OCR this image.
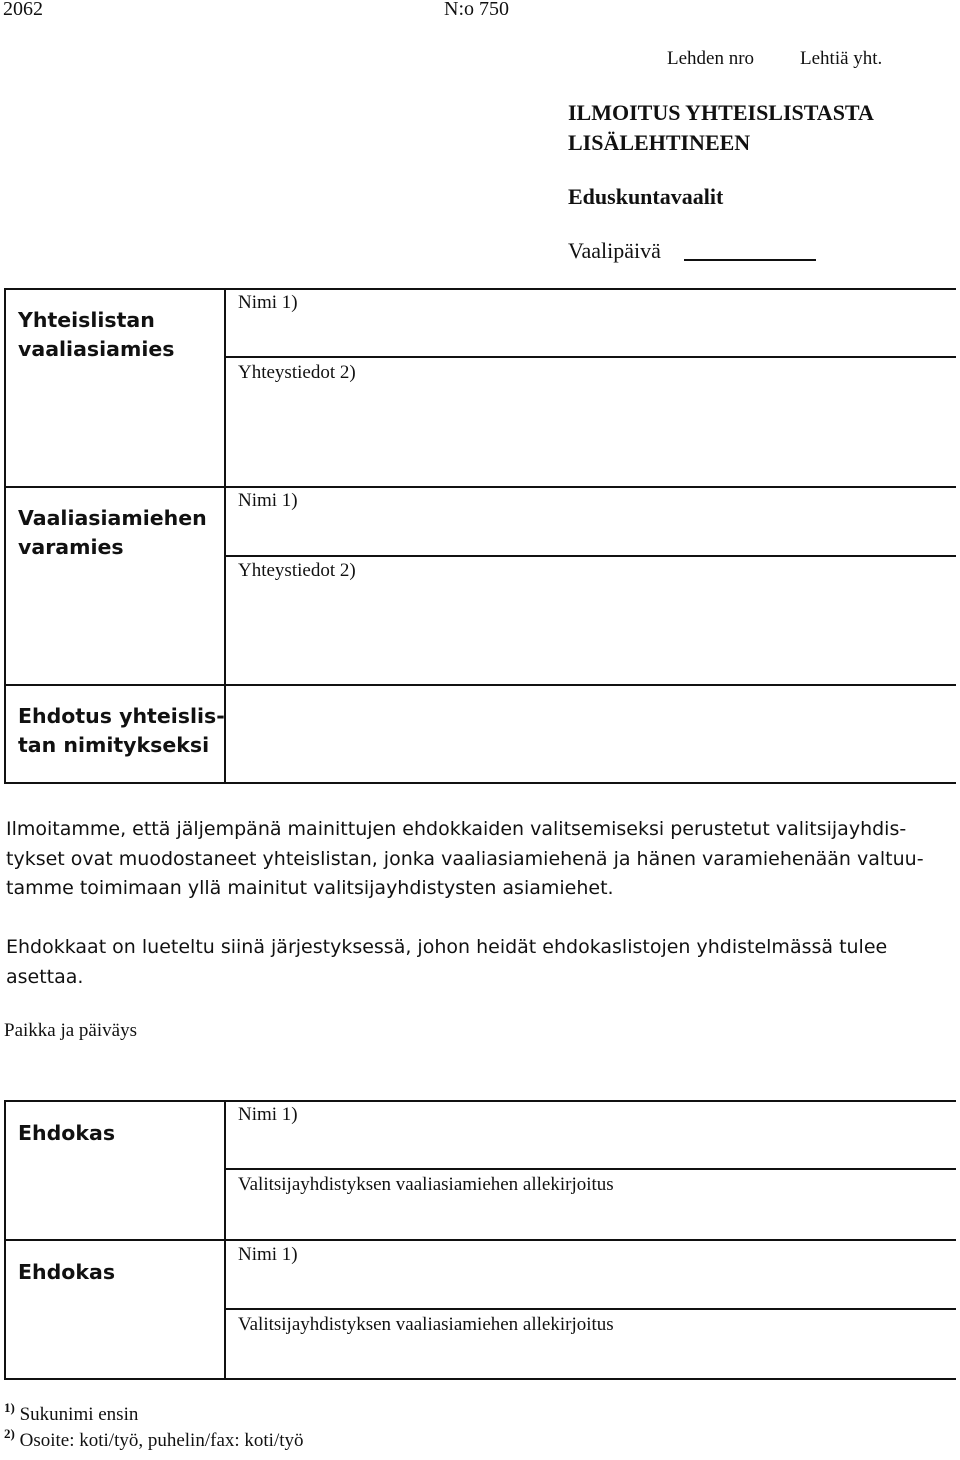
2062	N:o 750
Lehden nro Lehtiä yht.
ILMOITUS YHTEISLISTASTA
LISÄLEHTINEEN
Eduskuntavaalit
Vaalipäivä
Yhteislistan
vaaliasiamies
Nimi 1)
Yhteystiedot 2)
Vaaliasiamiehen
varamies
Nimi 1)
Yhteystiedot 2)
Ehdotus yhteislis-
tan nimitykseksi
Ilmoitamme, että jäljempänä mainittujen ehdokkaiden valitsemiseksi perustetut valitsijayhdis-
tykset ovat muodostaneet yhteislistan, jonka vaaliasiamiehenä ja hänen varamiehenään valtuu-
tamme toimimaan yllä mainitut valitsijayhdistysten asiamiehet.
Ehdokkaat on lueteltu siinä järjestyksessä, johon heidät ehdokaslistojen yhdistelmässä tulee
asettaa.
Paikka ja päiväys
Ehdokas
Nimi 1)
Valitsijayhdistyksen vaaliasiamiehen allekirjoitus
Ehdokas
Nimi 1)
Valitsijayhdistyksen vaaliasiamiehen allekirjoitus
$^{1)}$ Sukunimi ensin
$^{2)}$ Osoite: koti/työ, puhelin/fax: koti/työ
